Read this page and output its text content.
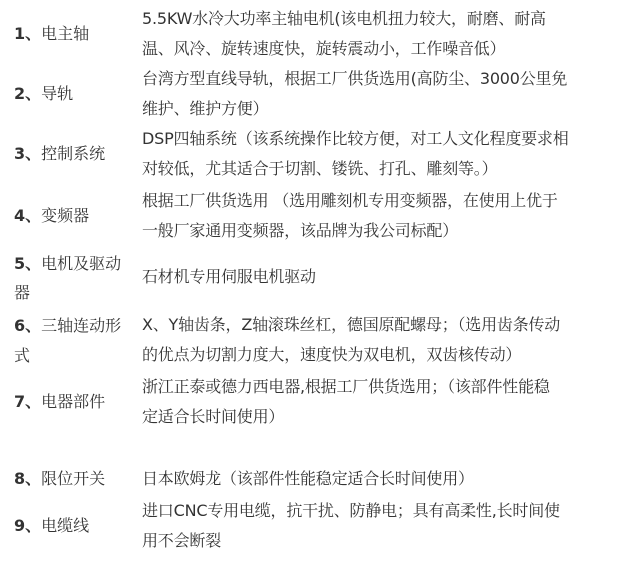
1、电主轴
5.5KW水冷大功率主轴电机(该电机扭力较大，耐磨、耐高
温、风冷、旋转速度快，旋转震动小，工作噪音低）
2、导轨
台湾方型直线导轨，根据工厂供货选用(高防尘、3000公里免
维护、维护方便）
3、控制系统
DSP四轴系统（该系统操作比较方便，对工人文化程度要求相
对较低，尤其适合于切割、镂铣、打孔、雕刻等。）
4、变频器
根据工厂供货选用 （选用雕刻机专用变频器，在使用上优于
一般厂家通用变频器，该品牌为我公司标配）
5、电机及驱动
器
石材机专用伺服电机驱动
6、三轴连动形
式
X、Y轴齿条，Z轴滚珠丝杠，德国原配螺母；（选用齿条传动
的优点为切割力度大，速度快为双电机，双齿核传动）
7、电器部件
浙江正泰或德力西电器,根据工厂供货选用；（该部件性能稳
定适合长时间使用）
8、限位开关	日本欧姆龙（该部件性能稳定适合长时间使用）
9、电缆线
进口CNC专用电缆，抗干扰、防静电；具有高柔性,长时间使
用不会断裂
